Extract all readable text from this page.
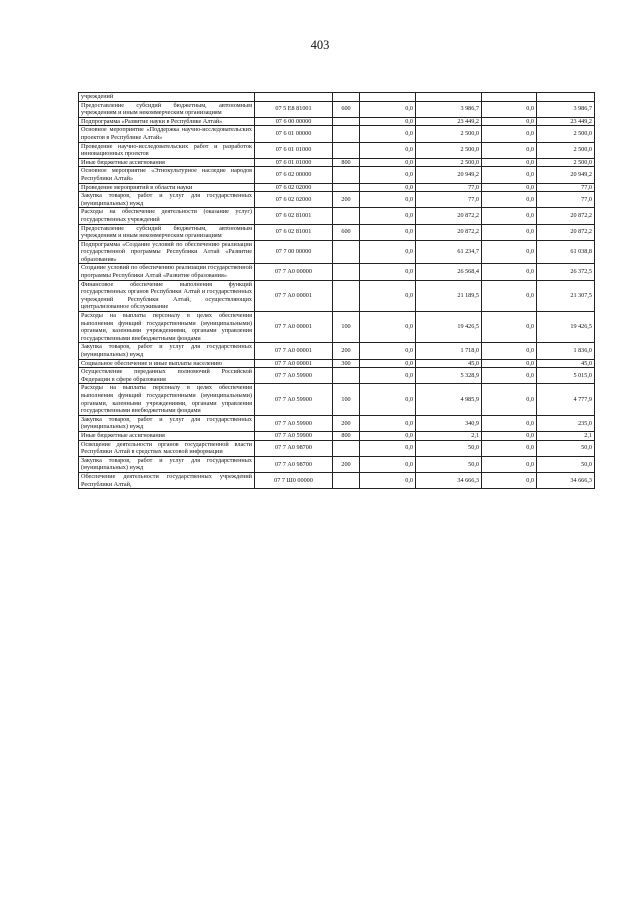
403
учреждений						
Предоставление субсидий бюджетным, автономным учреждениям и иным некоммерческим организациям	07 5 E8 81001	600	0,0	3 986,7	0,0	3 986,7
Подпрограмма «Развитие науки в Республике Алтай»	07 6 00 00000		0,0	23 449,2	0,0	23 449,2
Основное мероприятие «Поддержка научно-исследовательских проектов в Республике Алтай»	07 6 01 00000		0,0	2 500,0	0,0	2 500,0
Проведение научно-исследовательских работ и разработок инновационных проектов	07 6 01 01000		0,0	2 500,0	0,0	2 500,0
Иные бюджетные ассигнования	07 6 01 01000	800	0,0	2 500,0	0,0	2 500,0
Основное мероприятие «Этнокультурное наследие народов Республики Алтай»	07 6 02 00000		0,0	20 949,2	0,0	20 949,2
Проведение мероприятий в области науки	07 6 02 02000		0,0	77,0	0,0	77,0
Закупка товаров, работ и услуг для государственных (муниципальных) нужд	07 6 02 02000	200	0,0	77,0	0,0	77,0
Расходы на обеспечение деятельности (оказание услуг) государственных учреждений	07 6 02 81001		0,0	20 872,2	0,0	20 872,2
Предоставление субсидий бюджетным, автономным учреждениям и иным некоммерческим организациям	07 6 02 81001	600	0,0	20 872,2	0,0	20 872,2
Подпрограмма «Создание условий по обеспечению реализации государственной программы Республики Алтай «Развитие образования»	07 7 00 00000		0,0	61 234,7	0,0	61 038,8
Создание условий по обеспечению реализации государственной программы Республики Алтай «Развитие образования»	07 7 А0 00000		0,0	26 568,4	0,0	26 372,5
Финансовое обеспечение выполнения функций государственных органов Республики Алтай и государственных учреждений Республики Алтай, осуществляющих централизованное обслуживание	07 7 А0 00001		0,0	21 189,5	0,0	21 307,5
Расходы на выплаты персоналу в целях обеспечения выполнения функций государственными (муниципальными) органами, казенными учреждениями, органами управления государственными внебюджетными фондами	07 7 А0 00001	100	0,0	19 426,5	0,0	19 426,5
Закупка товаров, работ и услуг для государственных (муниципальных) нужд	07 7 А0 00001	200	0,0	1 718,0	0,0	1 836,0
Социальное обеспечение и иные выплаты населению	07 7 А0 00001	300	0,0	45,0	0,0	45,0
Осуществление переданных полномочий Российской Федерации в сфере образования	07 7 А0 59900		0,0	5 328,9	0,0	5 015,0
Расходы на выплаты персоналу в целях обеспечения выполнения функций государственными (муниципальными) органами, казенными учреждениями, органами управления государственными внебюджетными фондами	07 7 А0 59900	100	0,0	4 985,9	0,0	4 777,9
Закупка товаров, работ и услуг для государственных (муниципальных) нужд	07 7 А0 59900	200	0,0	340,9	0,0	235,0
Иные бюджетные ассигнования	07 7 А0 59900	800	0,0	2,1	0,0	2,1
Освещение деятельности органов государственной власти Республики Алтай в средствах массовой информации	07 7 А0 98700		0,0	50,0	0,0	50,0
Закупка товаров, работ и услуг для государственных (муниципальных) нужд	07 7 А0 98700	200	0,0	50,0	0,0	50,0
Обеспечение деятельности государственных учреждений Республики Алтай,	07 7 Ш0 00000		0,0	34 666,3	0,0	34 666,3
